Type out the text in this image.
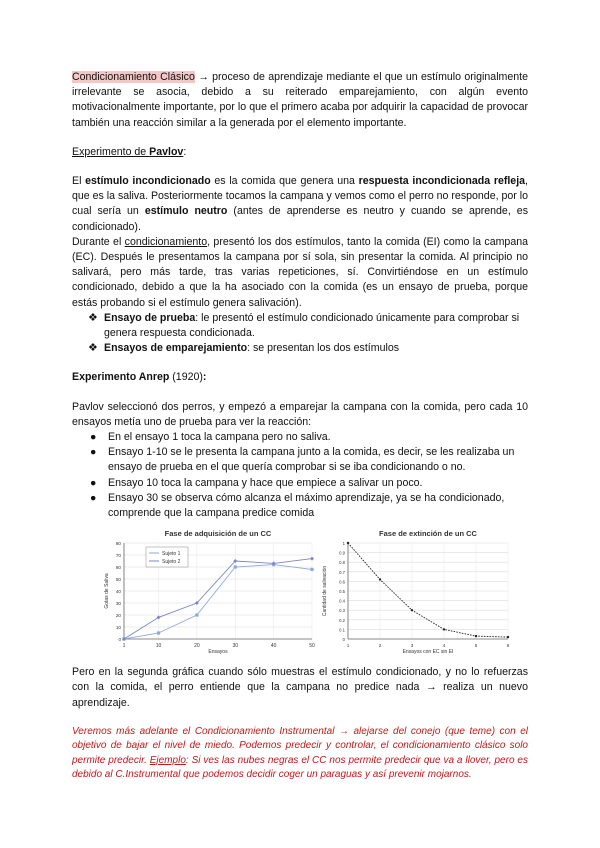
Condicionamiento Clásico → proceso de aprendizaje mediante el que un estímulo originalmente irrelevante se asocia, debido a su reiterado emparejamiento, con algún evento motivacionalmente importante, por lo que el primero acaba por adquirir la capacidad de provocar también una reacción similar a la generada por el elemento importante.

Experimento de Pavlov:

El estímulo incondicionado es la comida que genera una respuesta incondicionada refleja, que es la saliva. Posteriormente tocamos la campana y vemos como el perro no responde, por lo cual sería un estímulo neutro (antes de aprenderse es neutro y cuando se aprende, es condicionado).

Durante el condicionamiento, presentó los dos estímulos, tanto la comida (EI) como la campana (EC). Después le presentamos la campana por sí sola, sin presentar la comida. Al principio no salivará, pero más tarde, tras varias repeticiones, sí. Convirtiéndose en un estímulo condicionado, debido a que la ha asociado con la comida (es un ensayo de prueba, porque estás probando si el estímulo genera salivación).

❖ Ensayo de prueba: le presentó el estímulo condicionado únicamente para comprobar si genera respuesta condicionada.
❖ Ensayos de emparejamiento: se presentan los dos estímulos

Experimento Anrep (1920):

Pavlov seleccionó dos perros, y empezó a emparejar la campana con la comida, pero cada 10 ensayos metía uno de prueba para ver la reacción:

● En el ensayo 1 toca la campana pero no saliva.
● Ensayo 1-10 se le presenta la campana junto a la comida, es decir, se les realizaba un ensayo de prueba en el que quería comprobar si se iba condicionando o no.
● Ensayo 10 toca la campana y hace que empiece a salivar un poco.
● Ensayo 30 se observa cómo alcanza el máximo aprendizaje, ya se ha condicionado, comprende que la campana predice comida
Fase de adquisición de un CC
0
10
20
30
40
50
60
70
80
1	10	20	30	40	50
Ensayos
Gotas de Saliva
Sujeto 1
Sujeto 2
Fase de extinción de un CC
0
0.1
0.2
0.3
0.4
0.5
0.6
0.7
0.8
0.9
1
1	2	3	4	5	6
Ensayos con EC sin EI
Cantidad de salivación

Pero en la segunda gráfica cuando sólo muestras el estímulo condicionado, y no lo refuerzas con la comida, el perro entiende que la campana no predice nada → realiza un nuevo aprendizaje.

Veremos más adelante el Condicionamiento Instrumental → alejarse del conejo (que teme) con el objetivo de bajar el nivel de miedo. Podemos predecir y controlar, el condicionamiento clásico solo permite predecir. Ejemplo: Si ves las nubes negras el CC nos permite predecir que va a llover, pero es debido al C.Instrumental que podemos decidir coger un paraguas y así prevenir mojarnos.
